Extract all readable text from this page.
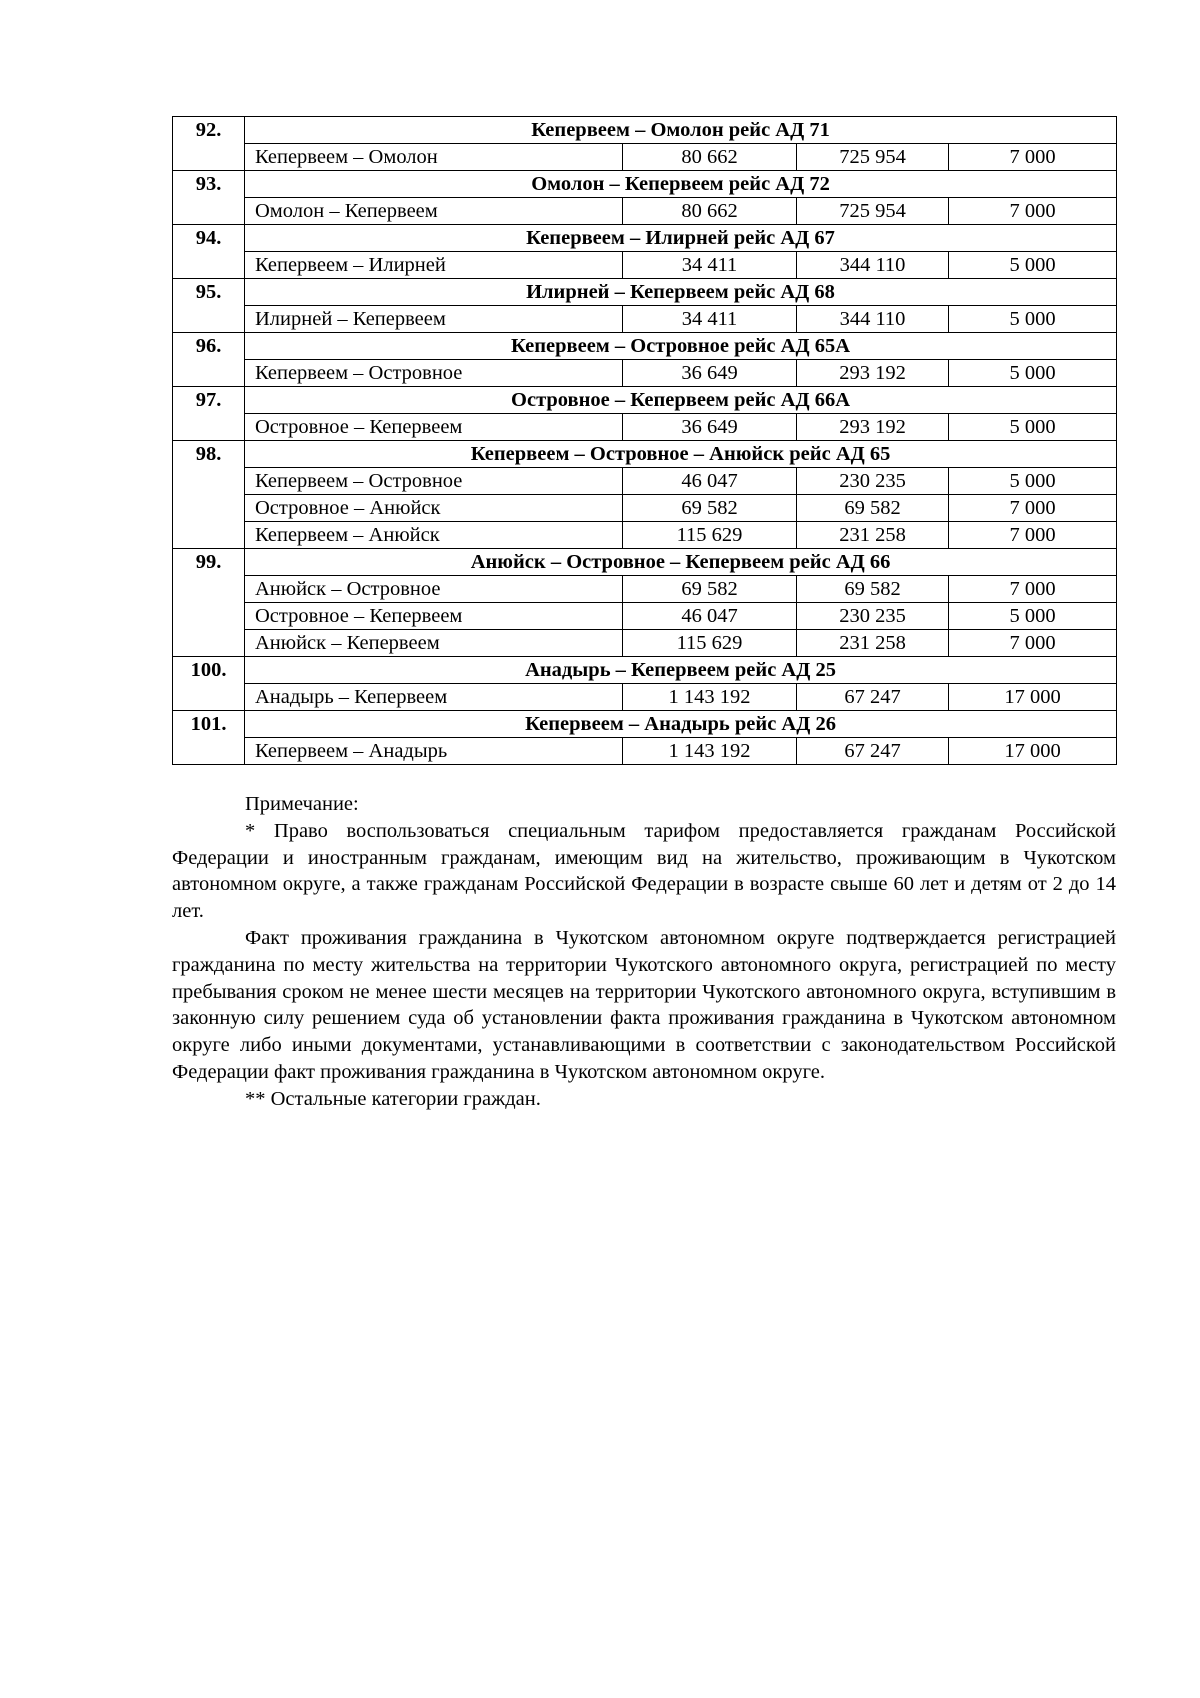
92.	Кепервеем – Омолон рейс АД 71			
	Кепервеем – Омолон	80 662	725 954	7 000
93.	Омолон – Кепервеем рейс АД 72			
	Омолон – Кепервеем	80 662	725 954	7 000
94.	Кепервеем – Илирней рейс АД 67			
	Кепервеем – Илирней	34 411	344 110	5 000
95.	Илирней – Кепервеем рейс АД 68			
	Илирней – Кепервеем	34 411	344 110	5 000
96.	Кепервеем – Островное рейс АД 65А			
	Кепервеем – Островное	36 649	293 192	5 000
97.	Островное – Кепервеем рейс АД 66А			
	Островное – Кепервеем	36 649	293 192	5 000
98.	Кепервеем – Островное – Анюйск рейс АД 65			
	Кепервеем – Островное	46 047	230 235	5 000
	Островное – Анюйск	69 582	69 582	7 000
	Кепервеем – Анюйск	115 629	231 258	7 000
99.	Анюйск – Островное – Кепервеем рейс АД 66			
	Анюйск – Островное	69 582	69 582	7 000
	Островное – Кепервеем	46 047	230 235	5 000
	Анюйск – Кепервеем	115 629	231 258	7 000
100.	Анадырь – Кепервеем рейс АД 25			
	Анадырь – Кепервеем	1 143 192	67 247	17 000
101.	Кепервеем – Анадырь рейс АД 26			
	Кепервеем – Анадырь	1 143 192	67 247	17 000

Примечание:

* Право воспользоваться специальным тарифом предоставляется гражданам Российской Федерации и иностранным гражданам, имеющим вид на жительство, проживающим в Чукотском автономном округе, а также гражданам Российской Федерации в возрасте свыше 60 лет и детям от 2 до 14 лет.

Факт проживания гражданина в Чукотском автономном округе подтверждается регистрацией гражданина по месту жительства на территории Чукотского автономного округа, регистрацией по месту пребывания сроком не менее шести месяцев на территории Чукотского автономного округа, вступившим в законную силу решением суда об установлении факта проживания гражданина в Чукотском автономном округе либо иными документами, устанавливающими в соответствии с законодательством Российской Федерации факт проживания гражданина в Чукотском автономном округе.

** Остальные категории граждан.
